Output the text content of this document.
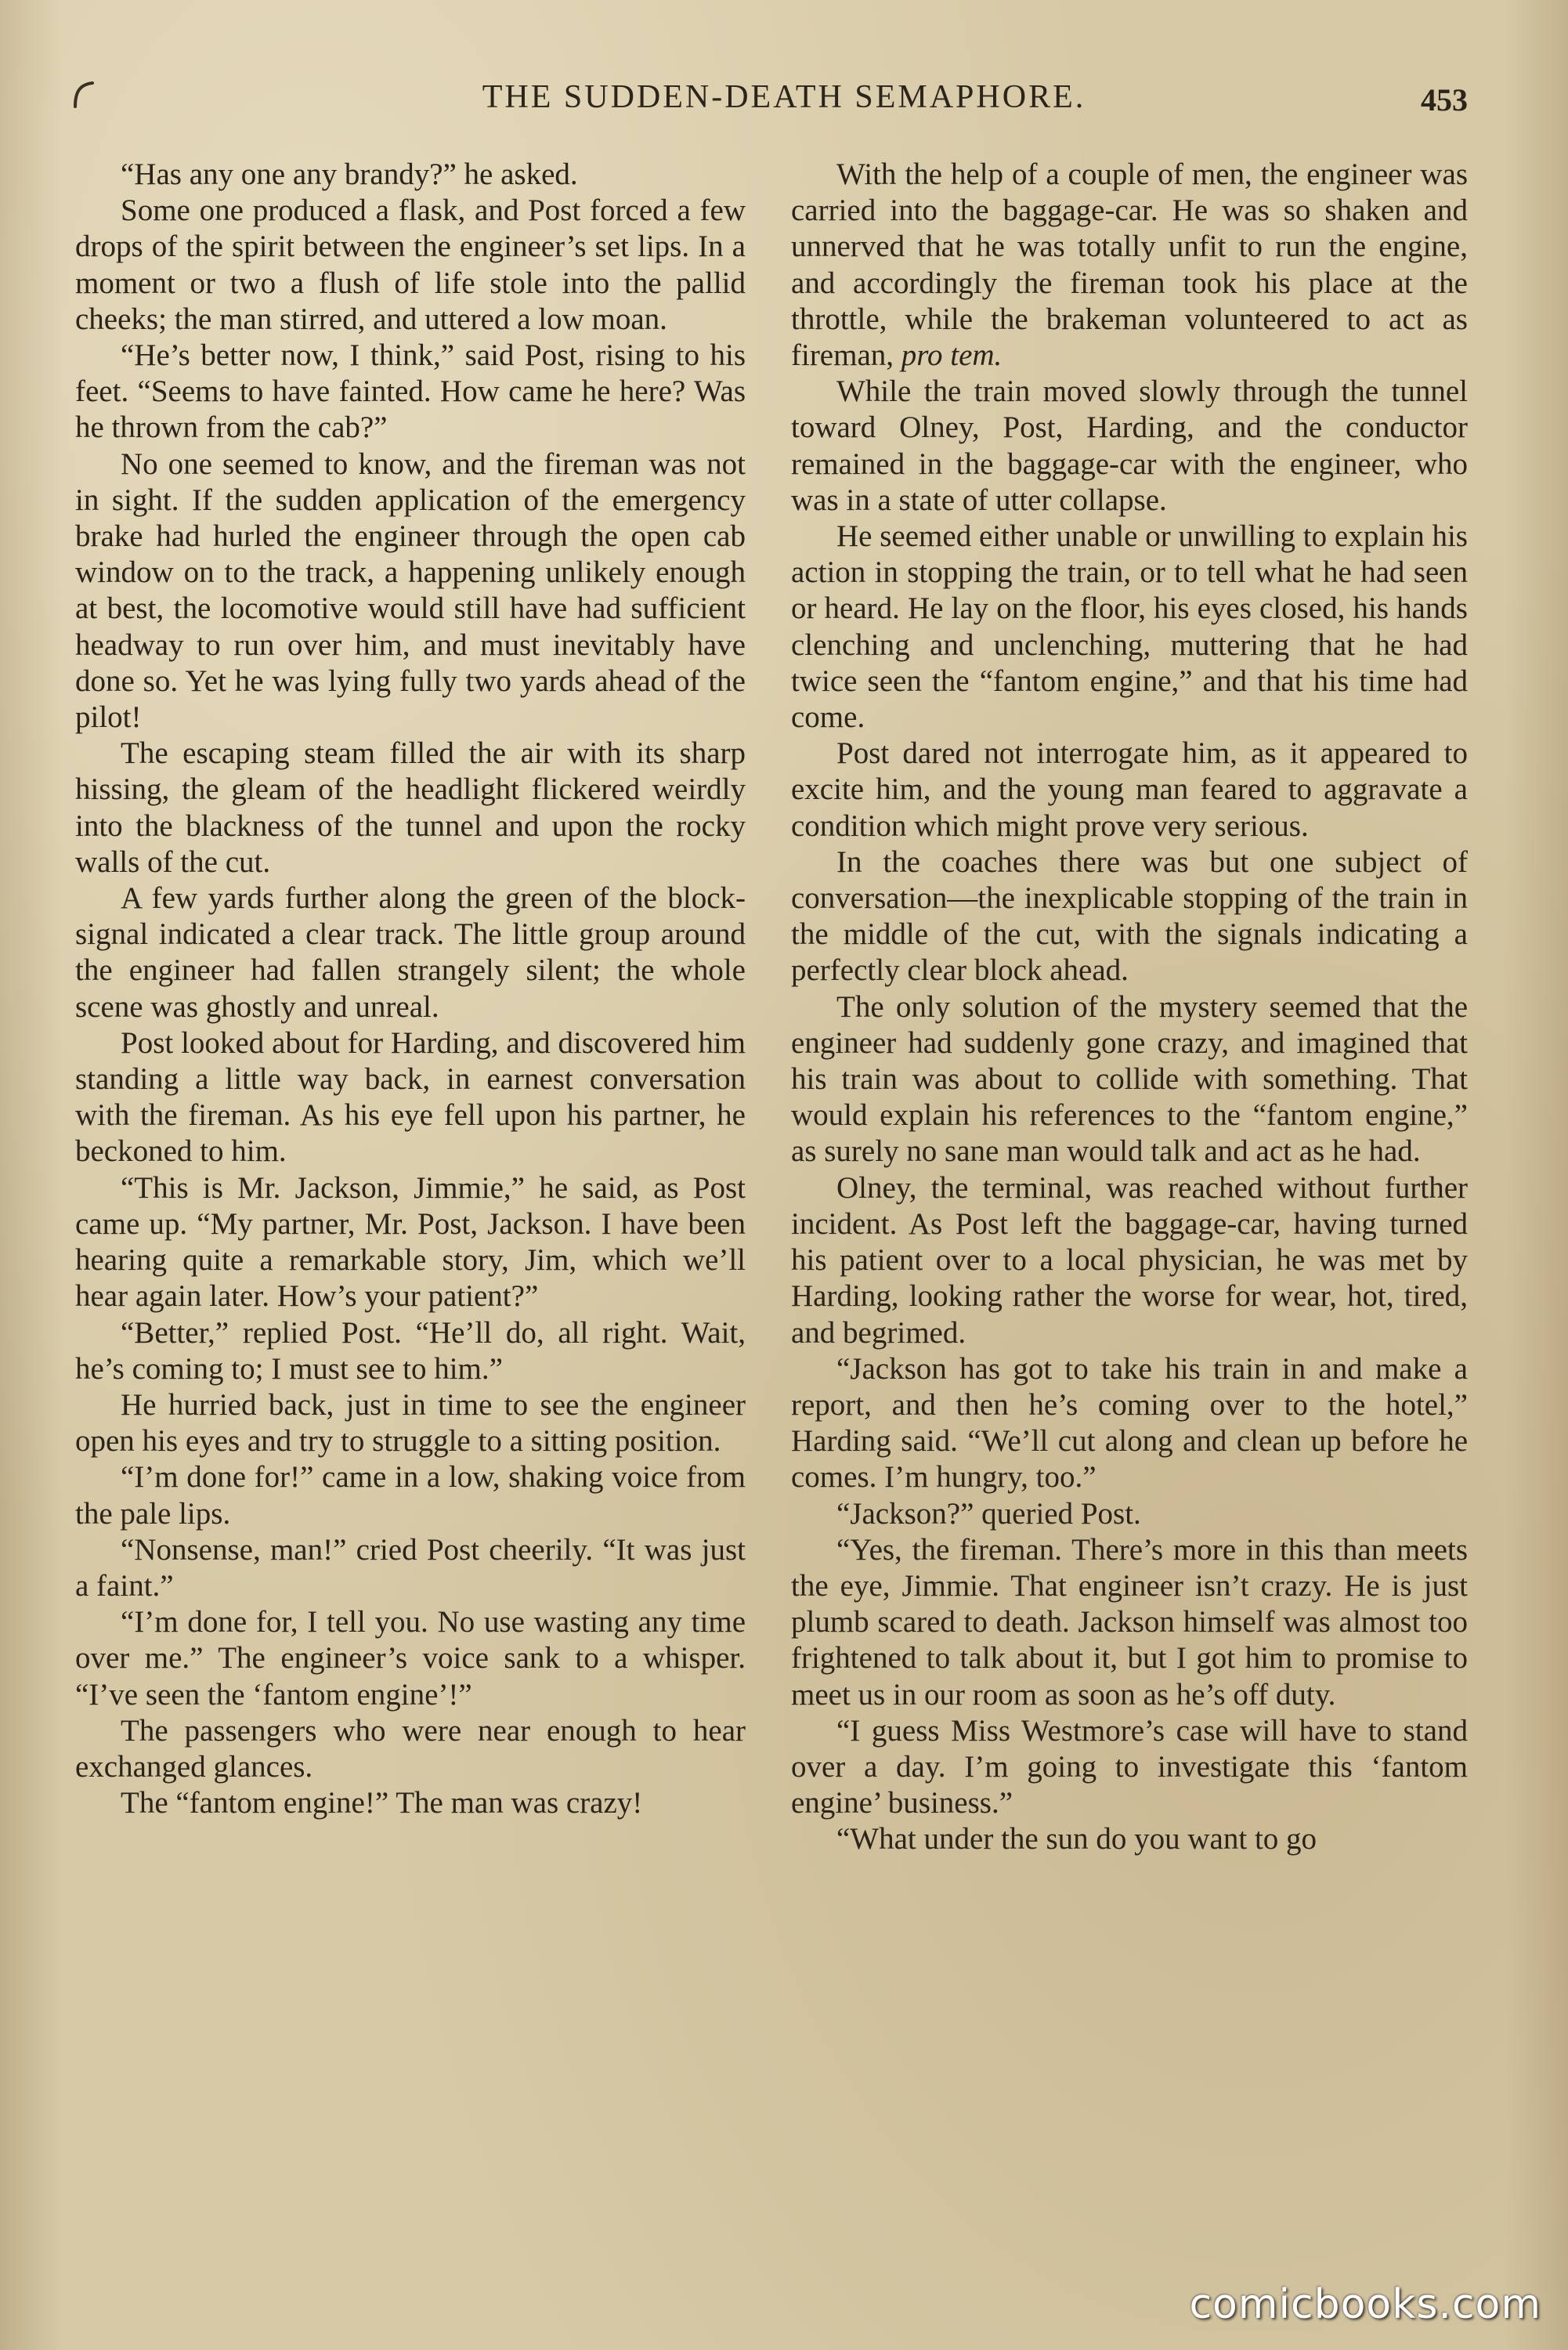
THE SUDDEN-DEATH SEMAPHORE.	453

“Has any one any brandy?” he asked.

Some one produced a flask, and Post forced a few drops of the spirit between the engineer’s set lips. In a moment or two a flush of life stole into the pallid cheeks; the man stirred, and uttered a low moan.

“He’s better now, I think,” said Post, rising to his feet. “Seems to have fainted. How came he here? Was he thrown from the cab?”

No one seemed to know, and the fireman was not in sight. If the sudden application of the emergency brake had hurled the engineer through the open cab window on to the track, a happening unlikely enough at best, the locomotive would still have had sufficient headway to run over him, and must inevitably have done so. Yet he was lying fully two yards ahead of the pilot!

The escaping steam filled the air with its sharp hissing, the gleam of the headlight flickered weirdly into the blackness of the tunnel and upon the rocky walls of the cut.

A few yards further along the green of the block-signal indicated a clear track. The little group around the engineer had fallen strangely silent; the whole scene was ghostly and unreal.

Post looked about for Harding, and discovered him standing a little way back, in earnest conversation with the fireman. As his eye fell upon his partner, he beckoned to him.

“This is Mr. Jackson, Jimmie,” he said, as Post came up. “My partner, Mr. Post, Jackson. I have been hearing quite a remarkable story, Jim, which we’ll hear again later. How’s your patient?”

“Better,” replied Post. “He’ll do, all right. Wait, he’s coming to; I must see to him.”

He hurried back, just in time to see the engineer open his eyes and try to struggle to a sitting position.

“I’m done for!” came in a low, shaking voice from the pale lips.

“Nonsense, man!” cried Post cheerily. “It was just a faint.”

“I’m done for, I tell you. No use wasting any time over me.” The engineer’s voice sank to a whisper. “I’ve seen the ‘fantom engine’!”

The passengers who were near enough to hear exchanged glances.

The “fantom engine!” The man was crazy!

With the help of a couple of men, the engineer was carried into the baggage-car. He was so shaken and unnerved that he was totally unfit to run the engine, and accordingly the fireman took his place at the throttle, while the brakeman volunteered to act as fireman, pro tem.

While the train moved slowly through the tunnel toward Olney, Post, Harding, and the conductor remained in the baggage-car with the engineer, who was in a state of utter collapse.

He seemed either unable or unwilling to explain his action in stopping the train, or to tell what he had seen or heard. He lay on the floor, his eyes closed, his hands clenching and unclenching, muttering that he had twice seen the “fantom engine,” and that his time had come.

Post dared not interrogate him, as it appeared to excite him, and the young man feared to aggravate a condition which might prove very serious.

In the coaches there was but one subject of conversation—the inexplicable stopping of the train in the middle of the cut, with the signals indicating a perfectly clear block ahead.

The only solution of the mystery seemed that the engineer had suddenly gone crazy, and imagined that his train was about to collide with something. That would explain his references to the “fantom engine,” as surely no sane man would talk and act as he had.

Olney, the terminal, was reached without further incident. As Post left the baggage-car, having turned his patient over to a local physician, he was met by Harding, looking rather the worse for wear, hot, tired, and begrimed.

“Jackson has got to take his train in and make a report, and then he’s coming over to the hotel,” Harding said. “We’ll cut along and clean up before he comes. I’m hungry, too.”

“Jackson?” queried Post.

“Yes, the fireman. There’s more in this than meets the eye, Jimmie. That engineer isn’t crazy. He is just plumb scared to death. Jackson himself was almost too frightened to talk about it, but I got him to promise to meet us in our room as soon as he’s off duty.

“I guess Miss Westmore’s case will have to stand over a day. I’m going to investigate this ‘fantom engine’ business.”

“What under the sun do you want to go

comicbooks.com
